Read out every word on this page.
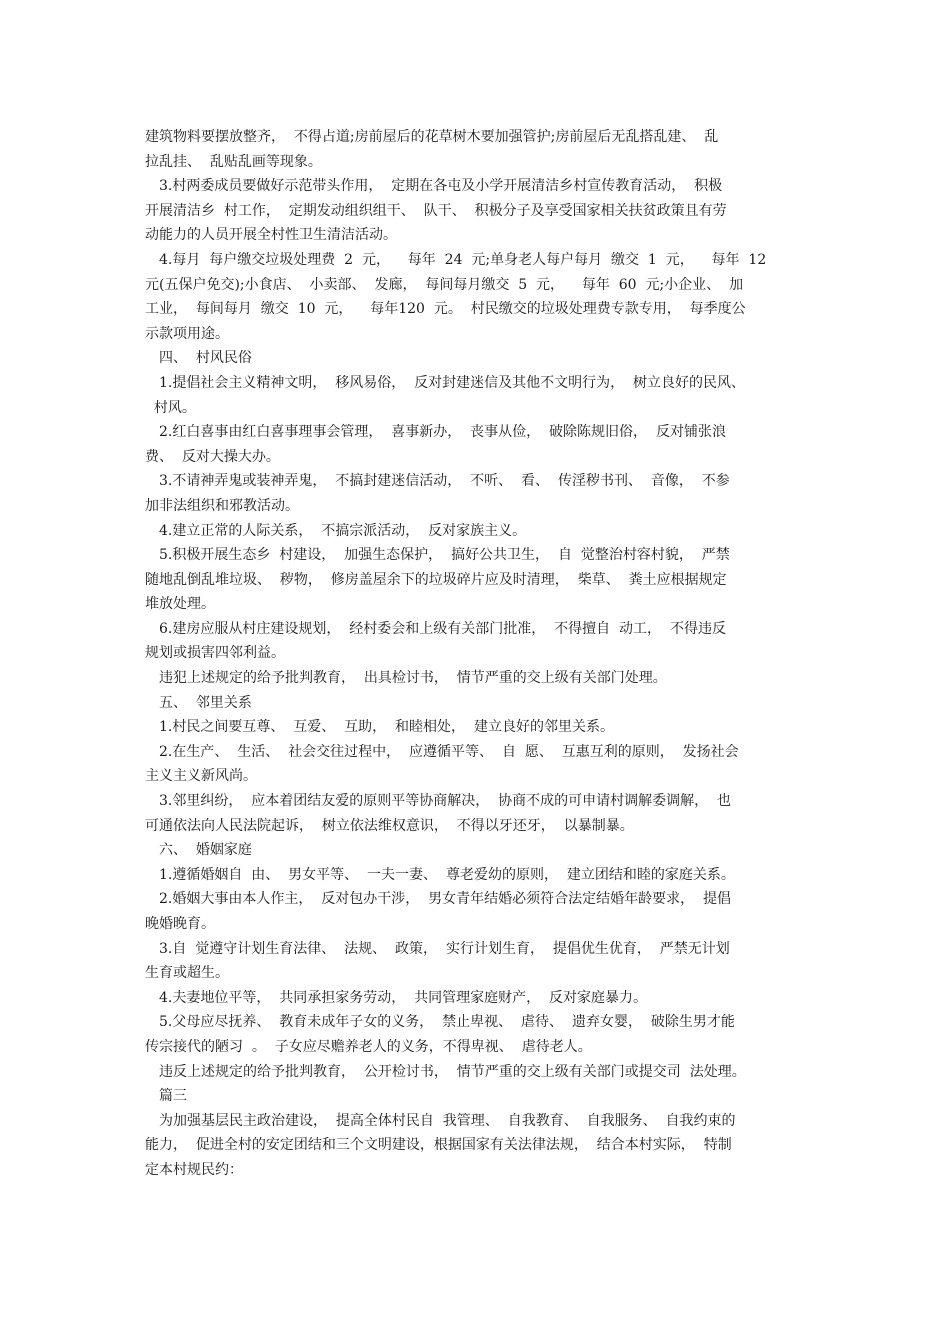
建筑物料要摆放整齐，  不得占道;房前屋后的花草树木要加强管护;房前屋后无乱搭乱建、  乱
拉乱挂、  乱贴乱画等现象。
3.村两委成员要做好示范带头作用，  定期在各屯及小学开展清洁乡村宣传教育活动，  积极
开展清洁乡  村工作，  定期发动组织组干、  队干、  积极分子及享受国家相关扶贫政策且有劳
动能力的人员开展全村性卫生清洁活动。
4.每月  每户缴交垃圾处理费  2  元，    每年  24  元;单身老人每户每月  缴交  1  元，    每年  12
元(五保户免交);小食店、  小卖部、  发廊，  每间每月缴交  5  元，    每年  60  元;小企业、  加
工业，  每间每月  缴交  10  元，    每年120  元。  村民缴交的垃圾处理费专款专用，  每季度公
示款项用途。
四、  村风民俗
1.提倡社会主义精神文明，  移风易俗，  反对封建迷信及其他不文明行为，  树立良好的民风、
村风。
2.红白喜事由红白喜事理事会管理，  喜事新办，  丧事从俭，  破除陈规旧俗，  反对铺张浪
费、  反对大操大办。
3.不请神弄鬼或装神弄鬼，  不搞封建迷信活动，  不听、  看、  传淫秽书刊、  音像，  不参
加非法组织和邪教活动。
4.建立正常的人际关系，  不搞宗派活动，  反对家族主义。
5.积极开展生态乡  村建设，  加强生态保护，  搞好公共卫生，  自  觉整治村容村貌，  严禁
随地乱倒乱堆垃圾、  秽物，  修房盖屋余下的垃圾碎片应及时清理，  柴草、  粪土应根据规定
堆放处理。
6.建房应服从村庄建设规划，  经村委会和上级有关部门批准，  不得擅自  动工，  不得违反
规划或损害四邻利益。
违犯上述规定的给予批判教育，  出具检讨书，  情节严重的交上级有关部门处理。
五、  邻里关系
1.村民之间要互尊、  互爱、  互助，  和睦相处，  建立良好的邻里关系。
2.在生产、  生活、  社会交往过程中，  应遵循平等、  自  愿、  互惠互利的原则，  发扬社会
主义主义新风尚。
3.邻里纠纷，  应本着团结友爱的原则平等协商解决，  协商不成的可申请村调解委调解，  也
可通依法向人民法院起诉，  树立依法维权意识，  不得以牙还牙，  以暴制暴。
六、  婚姻家庭
1.遵循婚姻自  由、  男女平等、  一夫一妻、  尊老爱幼的原则，  建立团结和睦的家庭关系。
2.婚姻大事由本人作主，  反对包办干涉，  男女青年结婚必须符合法定结婚年龄要求，  提倡
晚婚晚育。
3.自  觉遵守计划生育法律、  法规、  政策，  实行计划生育，  提倡优生优育，  严禁无计划
生育或超生。
4.夫妻地位平等，  共同承担家务劳动，  共同管理家庭财产，  反对家庭暴力。
5.父母应尽抚养、  教育未成年子女的义务，  禁止卑视、  虐待、  遗弃女婴，  破除生男才能
传宗接代的陋习  。  子女应尽赡养老人的义务，不得卑视、  虐待老人。
违反上述规定的给予批判教育，  公开检讨书，  情节严重的交上级有关部门或提交司  法处理。
篇三
为加强基层民主政治建设，  提高全体村民自  我管理、  自我教育、  自我服务、  自我约束的
能力，  促进全村的安定团结和三个文明建设，根据国家有关法律法规，  结合本村实际，  特制
定本村规民约：
